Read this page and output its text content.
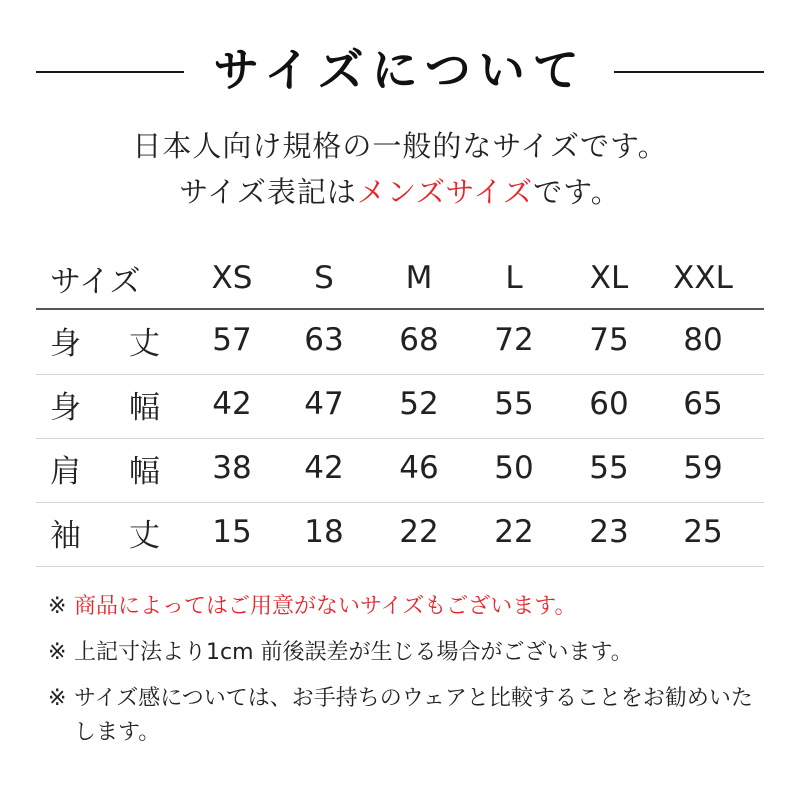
サイズについて
日本人向け規格の一般的なサイズです。
サイズ表記はメンズサイズです。
サイズ	XS	S	M	L	XL	XXL
身 丈	57	63	68	72	75	80
身 幅	42	47	52	55	60	65
肩 幅	38	42	46	50	55	59
袖 丈	15	18	22	22	23	25
※ 商品によってはご用意がないサイズもございます。
※ 上記寸法より1cm 前後誤差が生じる場合がございます。
※ サイズ感については、お手持ちのウェアと比較することをお勧めいたします。
